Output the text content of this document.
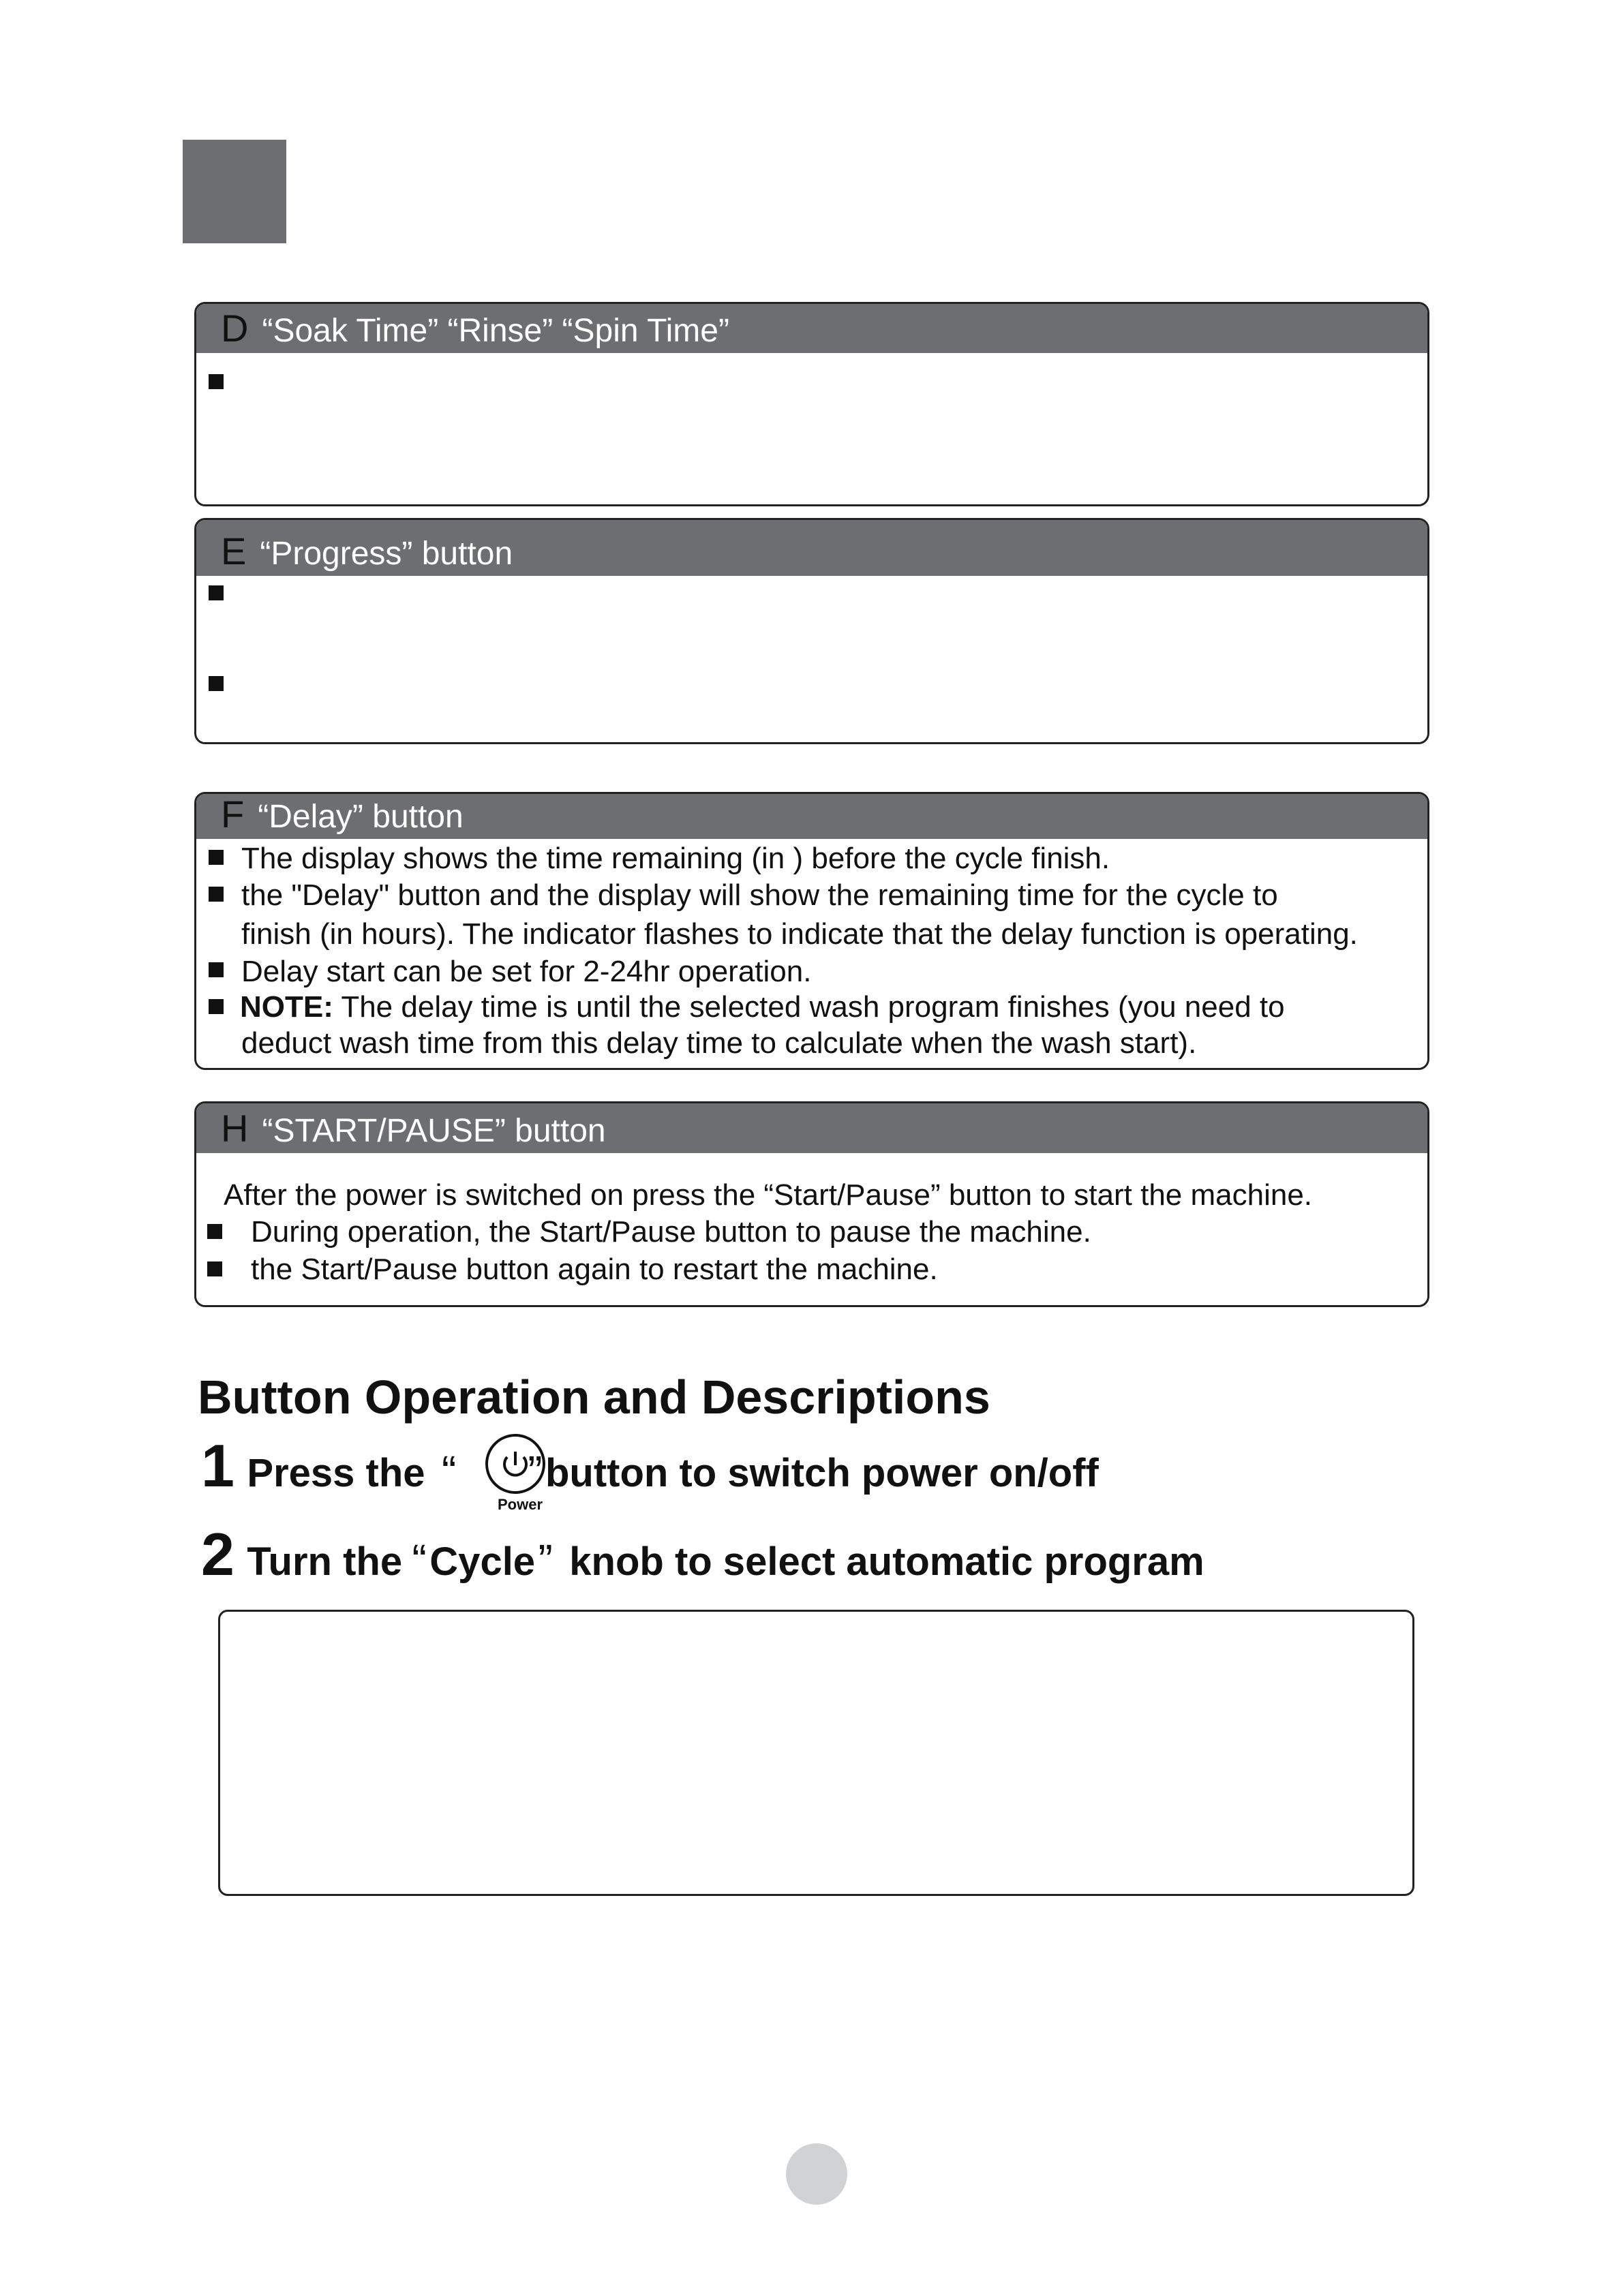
D “Soak Time” “Rinse” “Spin Time”
E “Progress” button
F “Delay” button
The display shows the time remaining (in ) before the cycle finish.
the "Delay" button and the display will show the remaining time for the cycle to
finish (in hours). The indicator flashes to indicate that the delay function is operating.
Delay start can be set for 2-24hr operation.
NOTE: The delay time is until the selected wash program finishes (you need to
deduct wash time from this delay time to calculate when the wash start).
H “START/PAUSE” button
After the power is switched on press the “Start/Pause” button to start the machine.
During operation, the Start/Pause button to pause the machine.
the Start/Pause button again to restart the machine.
Button Operation and Descriptions
1 Press the “ ” button to switch power on/off
Power
2 Turn the “ Cycle ” knob to select automatic program
